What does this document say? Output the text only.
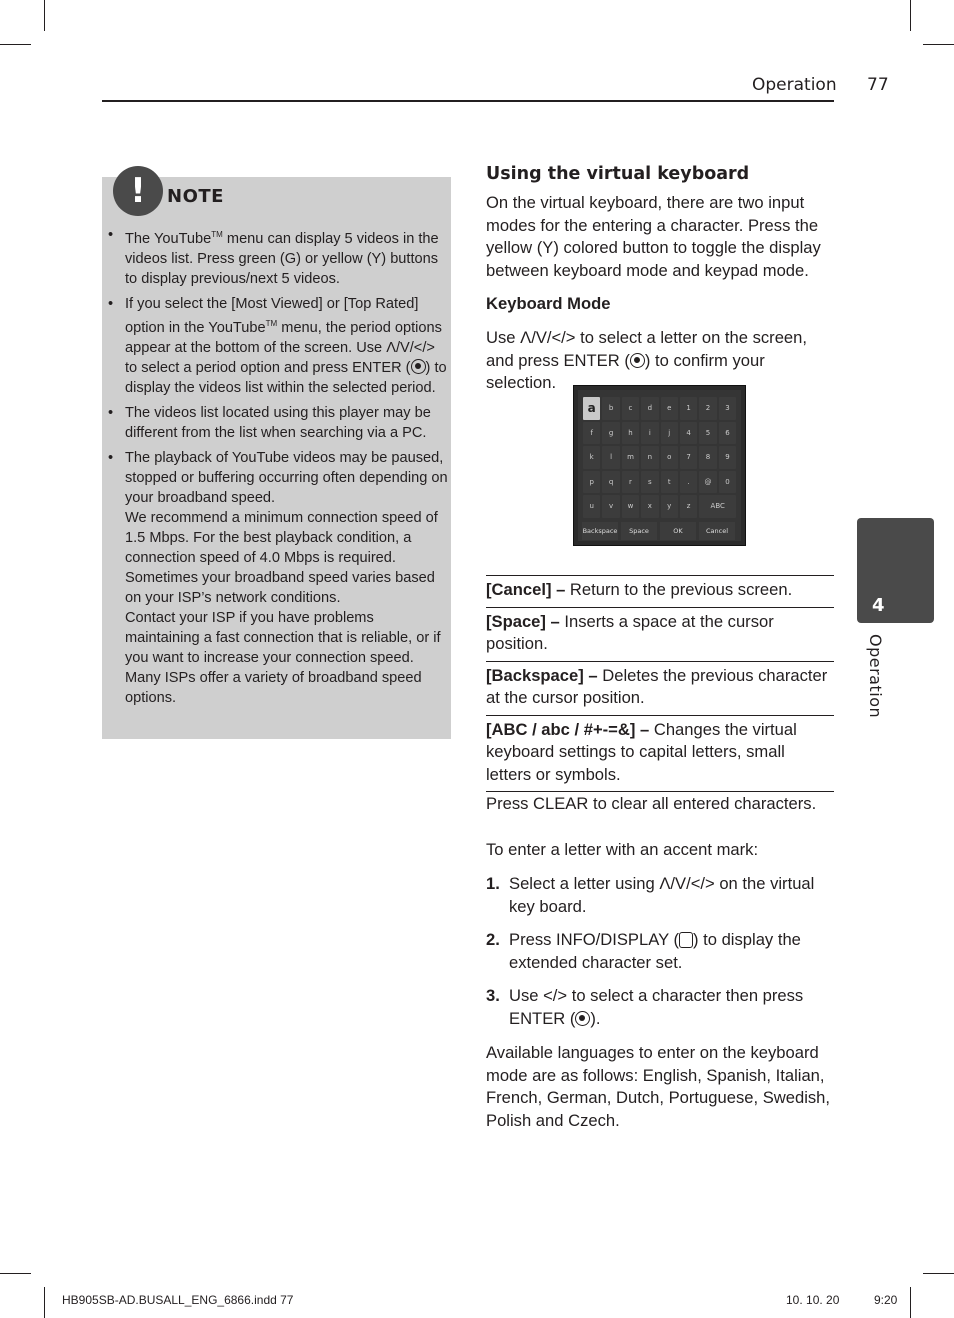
Operation 77
!	NOTE
• The YouTube™ menu can display 5 videos in the videos list. Press green (G) or yellow (Y) buttons to display previous/next 5 videos.
• If you select the [Most Viewed] or [Top Rated] option in the YouTube™ menu, the period options appear at the bottom of the screen. Use Λ/V/</> to select a period option and press ENTER ( ) to display the videos list within the selected period.
• The videos list located using this player may be different from the list when searching via a PC.
• The playback of YouTube videos may be paused, stopped or buffering occurring often depending on your broadband speed.
We recommend a minimum connection speed of 1.5 Mbps. For the best playback condition, a connection speed of 4.0 Mbps is required. Sometimes your broadband speed varies based on your ISP’s network conditions.
Contact your ISP if you have problems maintaining a fast connection that is reliable, or if you want to increase your connection speed. Many ISPs offer a variety of broadband speed options.
Using the virtual keyboard
On the virtual keyboard, there are two input modes for the entering a character. Press the yellow (Y) colored button to toggle the display between keyboard mode and keypad mode.
Keyboard Mode
Use Λ/V/</> to select a letter on the screen, and press ENTER ( ) to confirm your selection.
a	b	c	d	e	1	2	3
f	g	h	i	j	4	5	6
k	l	m	n	o	7	8	9
p	q	r	s	t	.	@	0
u	v	w	x	y	z	ABC
Backspace	Space	OK	Cancel
[Cancel] – Return to the previous screen.
[Space] – Inserts a space at the cursor position.
[Backspace] – Deletes the previous character at the cursor position.
[ABC / abc / #+-=&] – Changes the virtual keyboard settings to capital letters, small letters or symbols.
Press CLEAR to clear all entered characters.
To enter a letter with an accent mark:
1. Select a letter using Λ/V/</> on the virtual key board.
2. Press INFO/DISPLAY ( ) to display the extended character set.
3. Use </> to select a character then press ENTER ( ).
Available languages to enter on the keyboard mode are as follows: English, Spanish, Italian, French, German, Dutch, Portuguese, Swedish, Polish and Czech.
4
Operation
HB905SB-AD.BUSALL_ENG_6866.indd 77	10. 10. 20	9:20
